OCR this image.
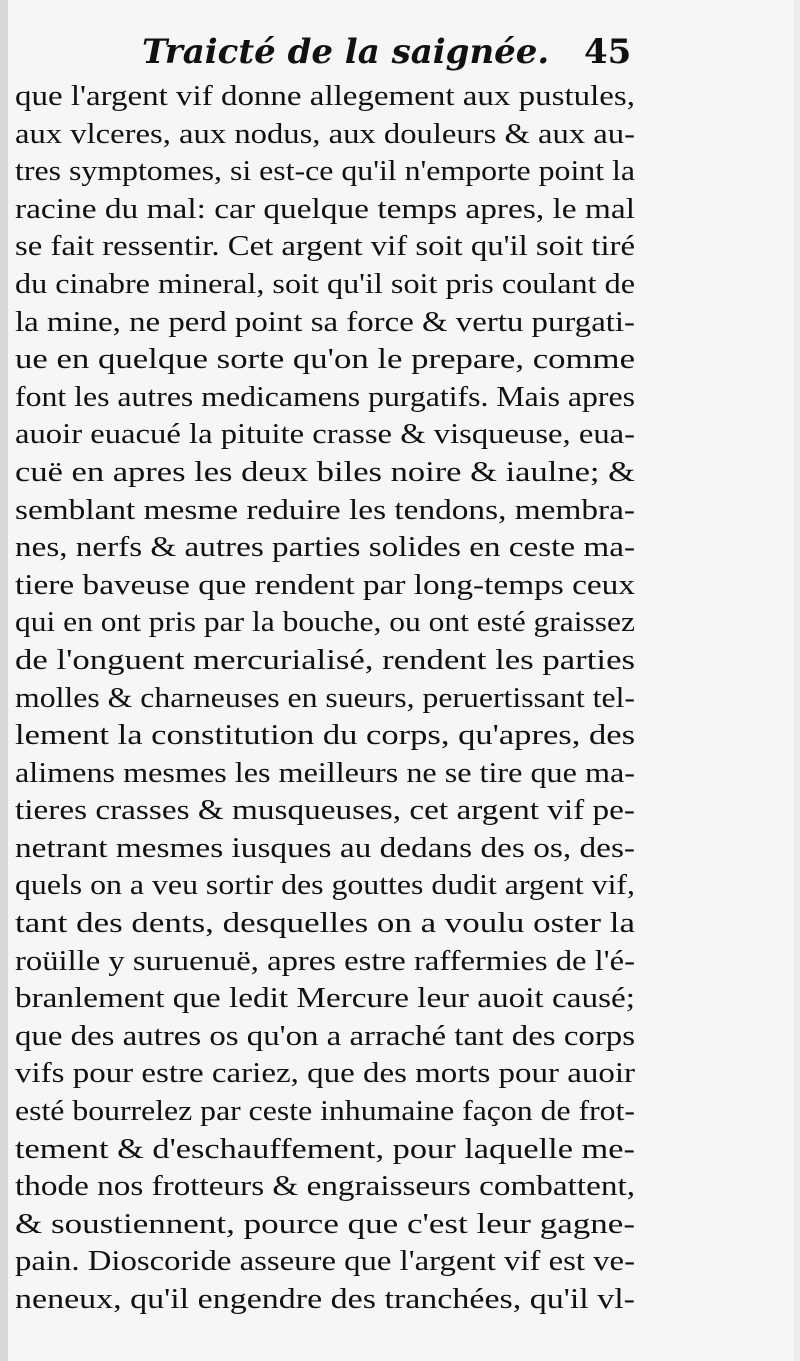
Traicté de la saignée. 45
que l'argent vif donne allegement aux pustules,
aux vlceres, aux nodus, aux douleurs & aux au-
tres symptomes, si est-ce qu'il n'emporte point la
racine du mal: car quelque temps apres, le mal
se fait ressentir. Cet argent vif soit qu'il soit tiré
du cinabre mineral, soit qu'il soit pris coulant de
la mine, ne perd point sa force & vertu purgati-
ue en quelque sorte qu'on le prepare, comme
font les autres medicamens purgatifs. Mais apres
auoir euacué la pituite crasse & visqueuse, eua-
cuë en apres les deux biles noire & iaulne; &
semblant mesme reduire les tendons, membra-
nes, nerfs & autres parties solides en ceste ma-
tiere baveuse que rendent par long-temps ceux
qui en ont pris par la bouche, ou ont esté graissez
de l'onguent mercurialisé, rendent les parties
molles & charneuses en sueurs, peruertissant tel-
lement la constitution du corps, qu'apres, des
alimens mesmes les meilleurs ne se tire que ma-
tieres crasses & musqueuses, cet argent vif pe-
netrant mesmes iusques au dedans des os, des-
quels on a veu sortir des gouttes dudit argent vif,
tant des dents, desquelles on a voulu oster la
roüille y suruenuë, apres estre raffermies de l'é-
branlement que ledit Mercure leur auoit causé;
que des autres os qu'on a arraché tant des corps
vifs pour estre cariez, que des morts pour auoir
esté bourrelez par ceste inhumaine façon de frot-
tement & d'eschauffement, pour laquelle me-
thode nos frotteurs & engraisseurs combattent,
& soustiennent, pource que c'est leur gagne-
pain. Dioscoride asseure que l'argent vif est ve-
neneux, qu'il engendre des tranchées, qu'il vl-
